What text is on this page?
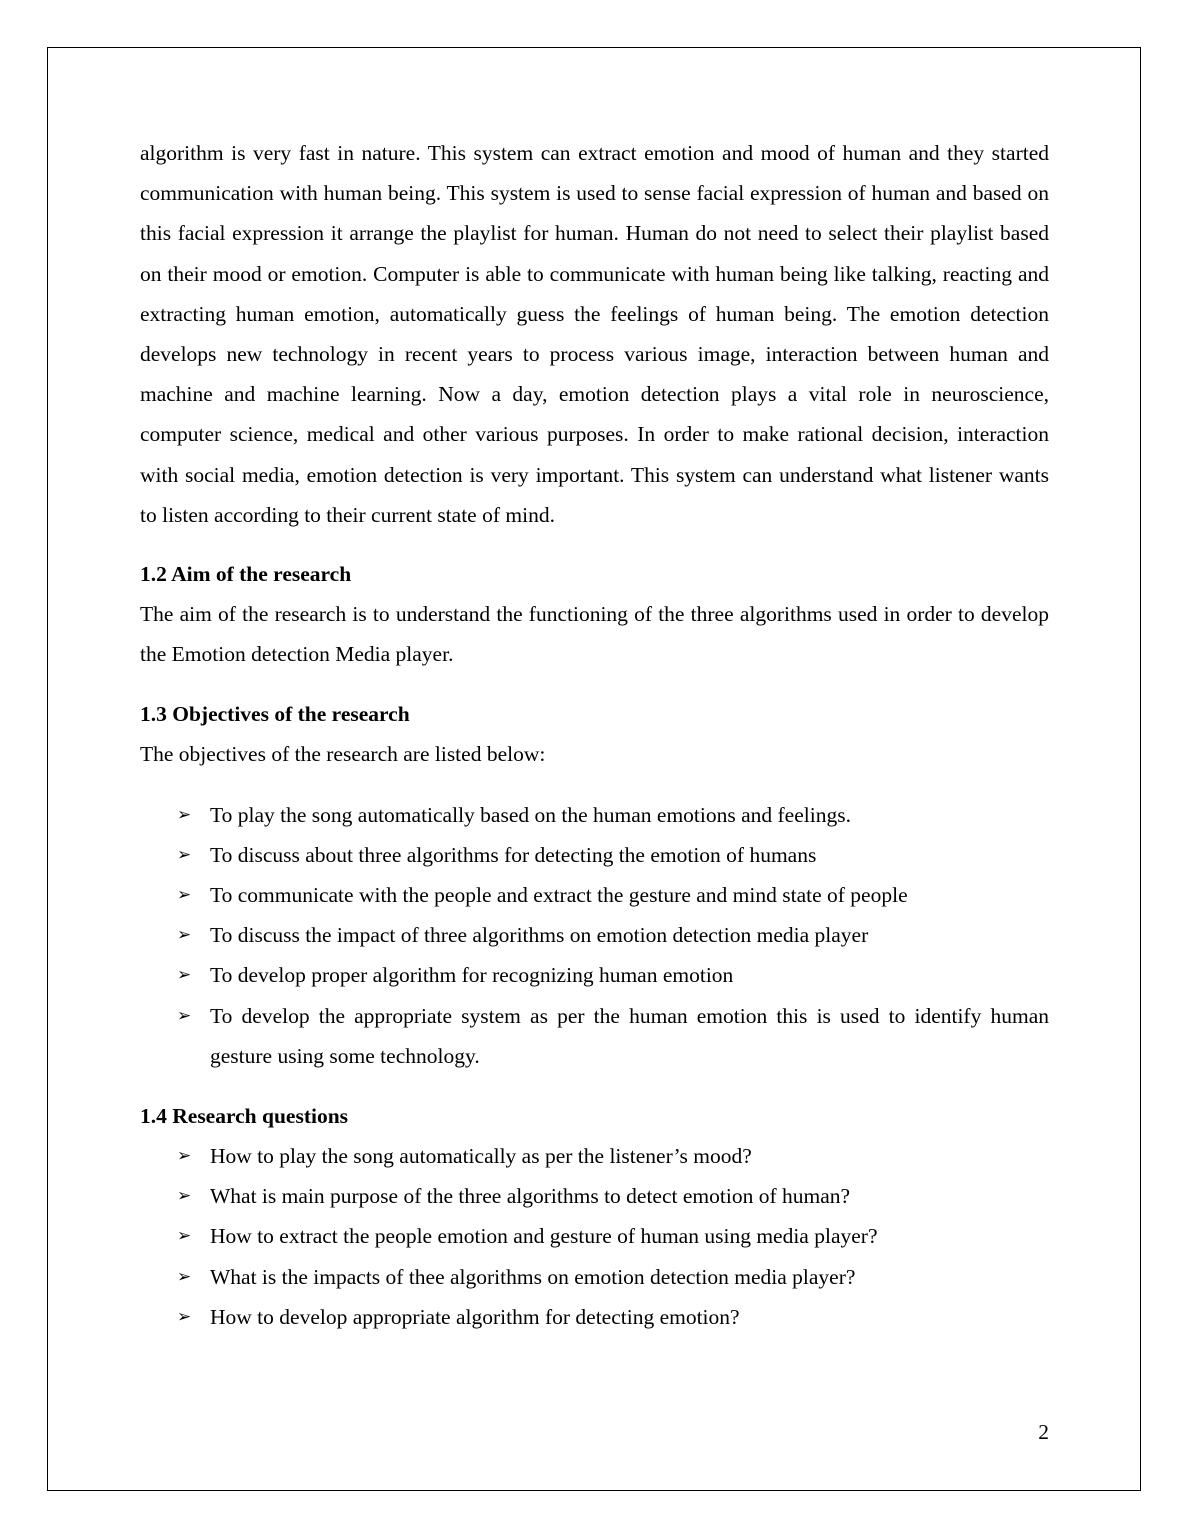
algorithm is very fast in nature. This system can extract emotion and mood of human and they started communication with human being. This system is used to sense facial expression of human and based on this facial expression it arrange the playlist for human. Human do not need to select their playlist based on their mood or emotion. Computer is able to communicate with human being like talking, reacting and extracting human emotion, automatically guess the feelings of human being. The emotion detection develops new technology in recent years to process various image, interaction between human and machine and machine learning. Now a day, emotion detection plays a vital role in neuroscience, computer science, medical and other various purposes. In order to make rational decision, interaction with social media, emotion detection is very important. This system can understand what listener wants to listen according to their current state of mind.

1.2 Aim of the research

The aim of the research is to understand the functioning of the three algorithms used in order to develop the Emotion detection Media player.

1.3 Objectives of the research

The objectives of the research are listed below:

➢ To play the song automatically based on the human emotions and feelings.
➢ To discuss about three algorithms for detecting the emotion of humans
➢ To communicate with the people and extract the gesture and mind state of people
➢ To discuss the impact of three algorithms on emotion detection media player
➢ To develop proper algorithm for recognizing human emotion
➢ To develop the appropriate system as per the human emotion this is used to identify human gesture using some technology.
1.4 Research questions
➢ How to play the song automatically as per the listener’s mood?
➢ What is main purpose of the three algorithms to detect emotion of human?
➢ How to extract the people emotion and gesture of human using media player?
➢ What is the impacts of thee algorithms on emotion detection media player?
➢ How to develop appropriate algorithm for detecting emotion?
2
